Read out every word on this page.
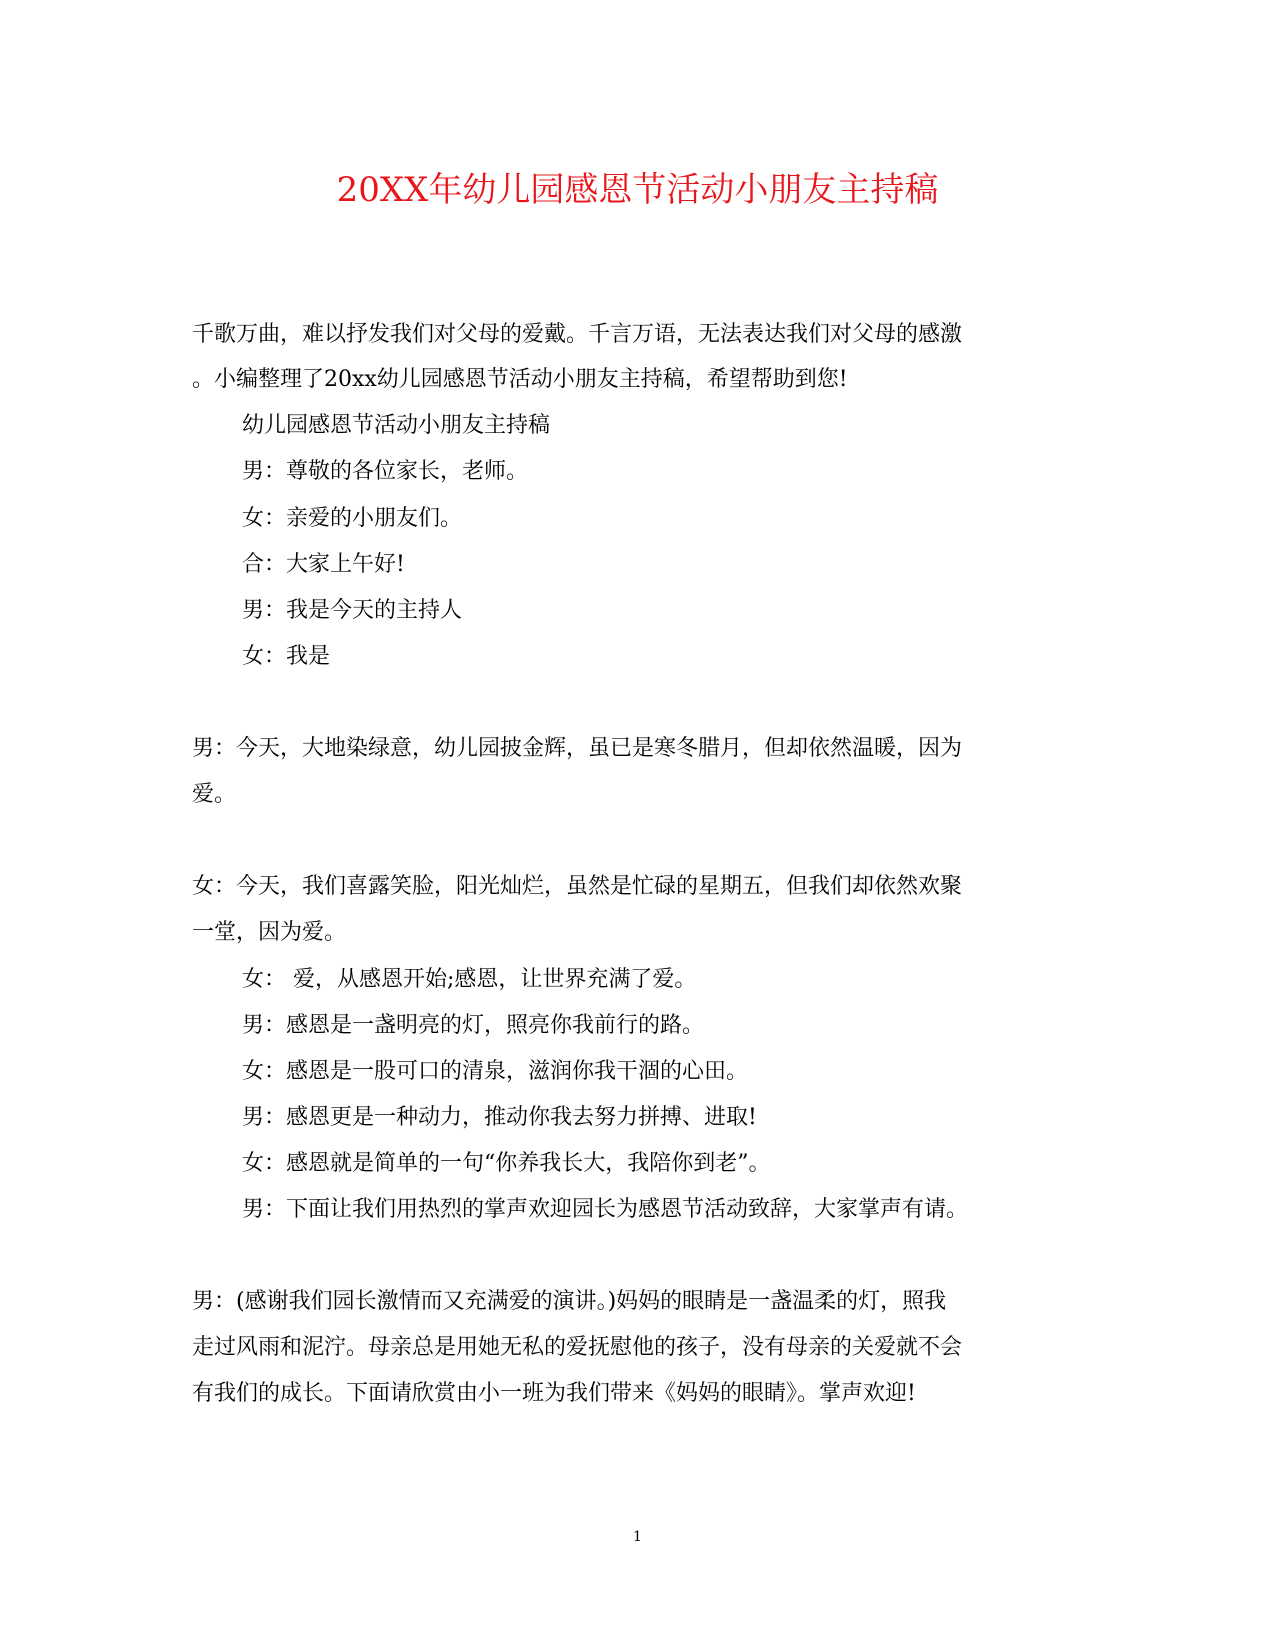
20XX年幼儿园感恩节活动小朋友主持稿
千歌万曲，难以抒发我们对父母的爱戴。千言万语，无法表达我们对父母的感激
。小编整理了20xx幼儿园感恩节活动小朋友主持稿，希望帮助到您!
幼儿园感恩节活动小朋友主持稿
男：尊敬的各位家长，老师。
女：亲爱的小朋友们。
合：大家上午好!
男：我是今天的主持人
女：我是
男：今天，大地染绿意，幼儿园披金辉，虽已是寒冬腊月，但却依然温暖，因为
爱。
女：今天，我们喜露笑脸，阳光灿烂，虽然是忙碌的星期五，但我们却依然欢聚
一堂，因为爱。
女： 爱，从感恩开始;感恩，让世界充满了爱。
男：感恩是一盏明亮的灯，照亮你我前行的路。
女：感恩是一股可口的清泉，滋润你我干涸的心田。
男：感恩更是一种动力，推动你我去努力拼搏、进取!
女：感恩就是简单的一句“你养我长大，我陪你到老”。
男：下面让我们用热烈的掌声欢迎园长为感恩节活动致辞，大家掌声有请。
男：(感谢我们园长激情而又充满爱的演讲。)妈妈的眼睛是一盏温柔的灯，照我
走过风雨和泥泞。母亲总是用她无私的爱抚慰他的孩子，没有母亲的关爱就不会
有我们的成长。下面请欣赏由小一班为我们带来《妈妈的眼睛》。掌声欢迎!
1
